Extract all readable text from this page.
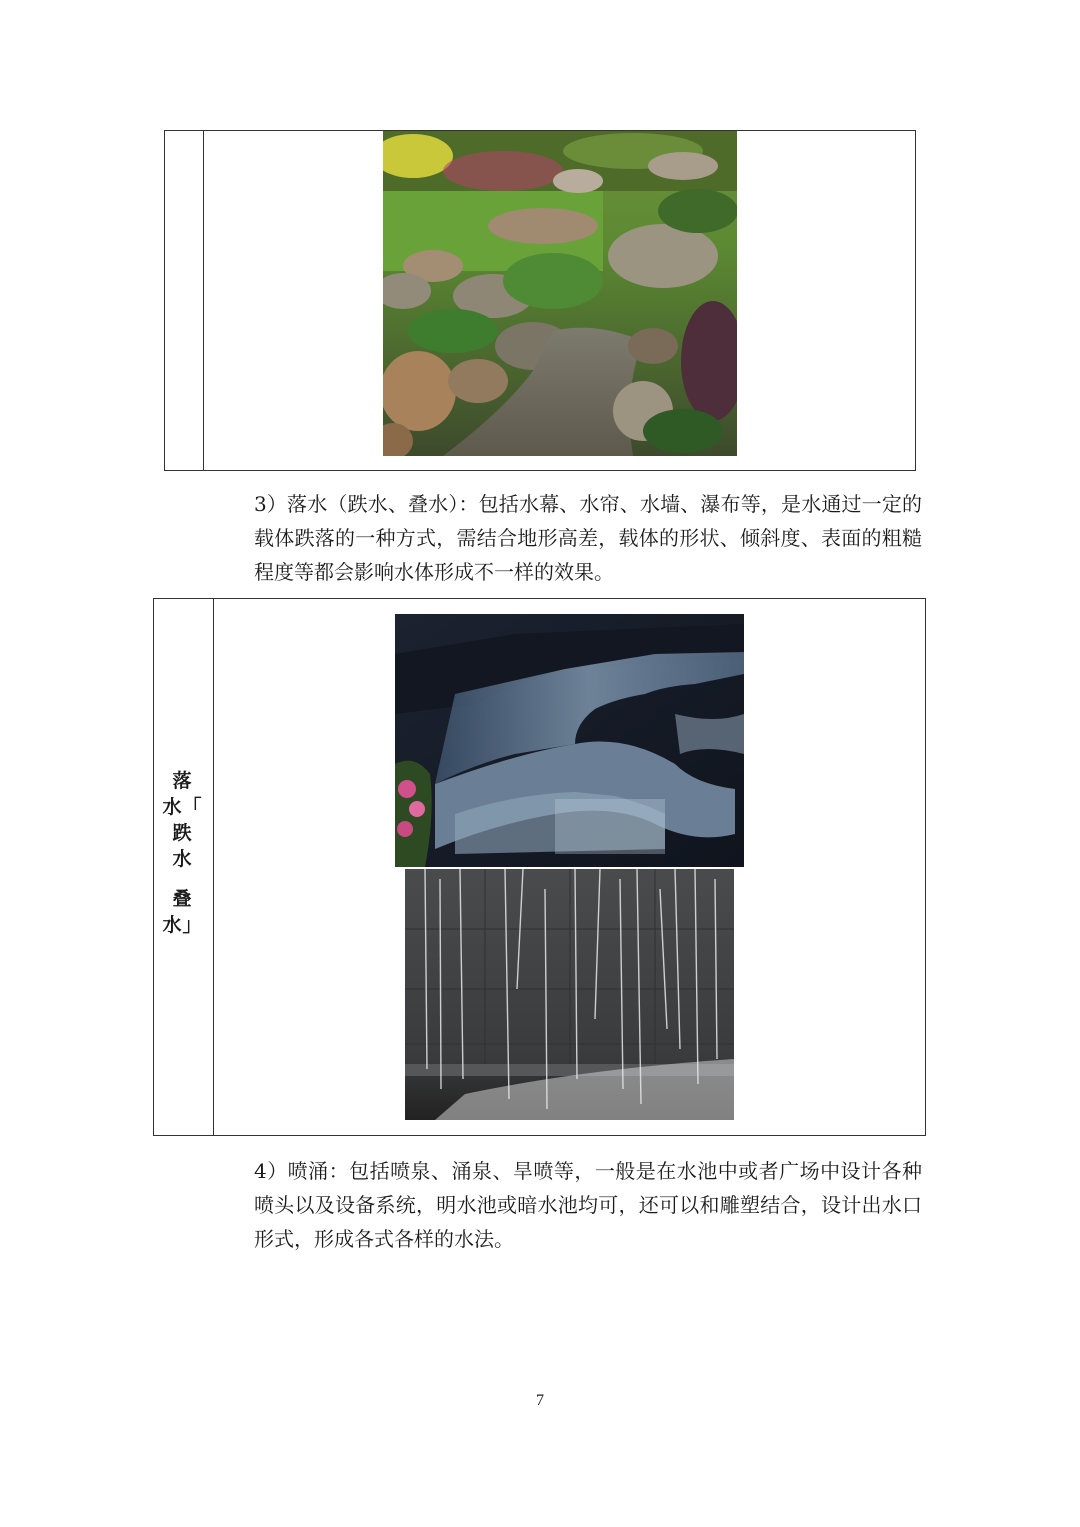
3）落水（跌水、叠水）：包括水幕、水帘、水墙、瀑布等，是水通过一定的载体跌落的一种方式，需结合地形高差，载体的形状、倾斜度、表面的粗糙程度等都会影响水体形成不一样的效果。

落
水 「
跌
水
叠
水 」

4）喷涌：包括喷泉、涌泉、旱喷等，一般是在水池中或者广场中设计各种喷头以及设备系统，明水池或暗水池均可，还可以和雕塑结合，设计出水口形式，形成各式各样的水法。

7
